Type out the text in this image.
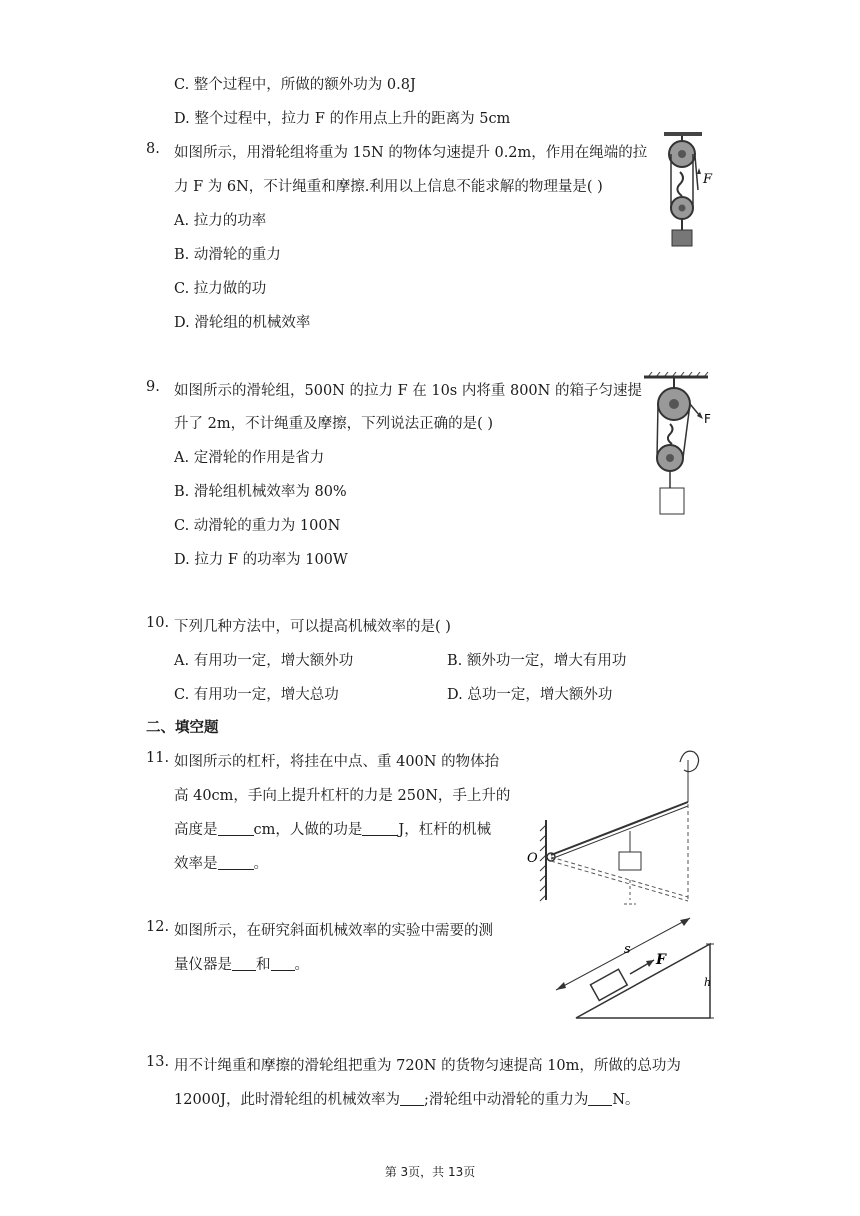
C. 整个过程中，所做的额外功为 0.8J
D. 整个过程中，拉力 F 的作用点上升的距离为 5cm
8. 如图所示，用滑轮组将重为 15N 的物体匀速提升 0.2m，作用在绳端的拉
力 F 为 6N，不计绳重和摩擦.利用以上信息不能求解的物理量是( )
A. 拉力的功率
B. 动滑轮的重力
C. 拉力做的功
D. 滑轮组的机械效率
F
9. 如图所示的滑轮组，500N 的拉力 F 在 10s 内将重 800N 的箱子匀速提
升了 2m，不计绳重及摩擦，下列说法正确的是( )
A. 定滑轮的作用是省力
B. 滑轮组机械效率为 80%
C. 动滑轮的重力为 100N
D. 拉力 F 的功率为 100W
F
10. 下列几种方法中，可以提高机械效率的是( )
A. 有用功一定，增大额外功	B. 额外功一定，增大有用功
C. 有用功一定，增大总功	D. 总功一定，增大额外功
二、填空题
11. 如图所示的杠杆，将挂在中点、重 400N 的物体抬
高 40cm，手向上提升杠杆的力是 250N，手上升的
高度是 cm，人做的功是 J，杠杆的机械
效率是 。	O
12. 如图所示，在研究斜面机械效率的实验中需要的测
量仪器是 和 。
s
F
h
13. 用不计绳重和摩擦的滑轮组把重为 720N 的货物匀速提高 10m，所做的总功为
12000J，此时滑轮组的机械效率为 ;滑轮组中动滑轮的重力为 N。
第 3页，共 13页
